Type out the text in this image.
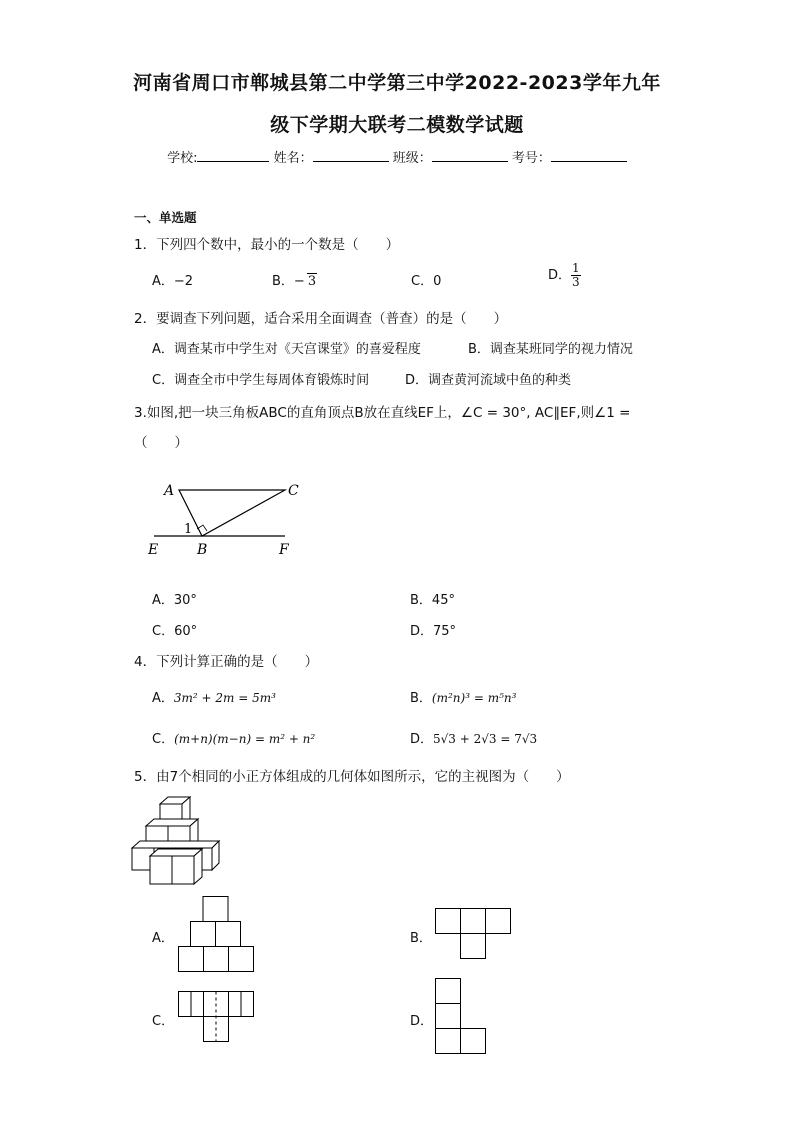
河南省周口市郸城县第二中学第三中学2022-2023学年九年
级下学期大联考二模数学试题
学校:	姓名：	班级：	考号：
一、单选题
1．下列四个数中，最小的一个数是（　　）
A．−2	B．− 3	C．0	D． $\frac{1}{3}$
2．要调查下列问题，适合采用全面调查（普查）的是（　　）
A．调查某市中学生对《天宫课堂》的喜爱程度	B．调查某班同学的视力情况
C．调查全市中学生每周体育锻炼时间	D．调查黄河流域中鱼的种类
3.如图,把一块三角板ABC的直角顶点B放在直线EF上，∠C = 30°, AC∥EF,则∠1 =
（　　）
A	C
1
E	B	F
A．30°	B．45°
C．60°	D．75°
4．下列计算正确的是（　　）
A．3m² + 2m = 5m³	B．(m²n)³ = m⁵n³
C．(m+n)(m−n) = m² + n²	D．5√3 + 2√3 = 7√3
5．由7个相同的小正方体组成的几何体如图所示，它的主视图为（　　）
A．	B．
C．	D．
